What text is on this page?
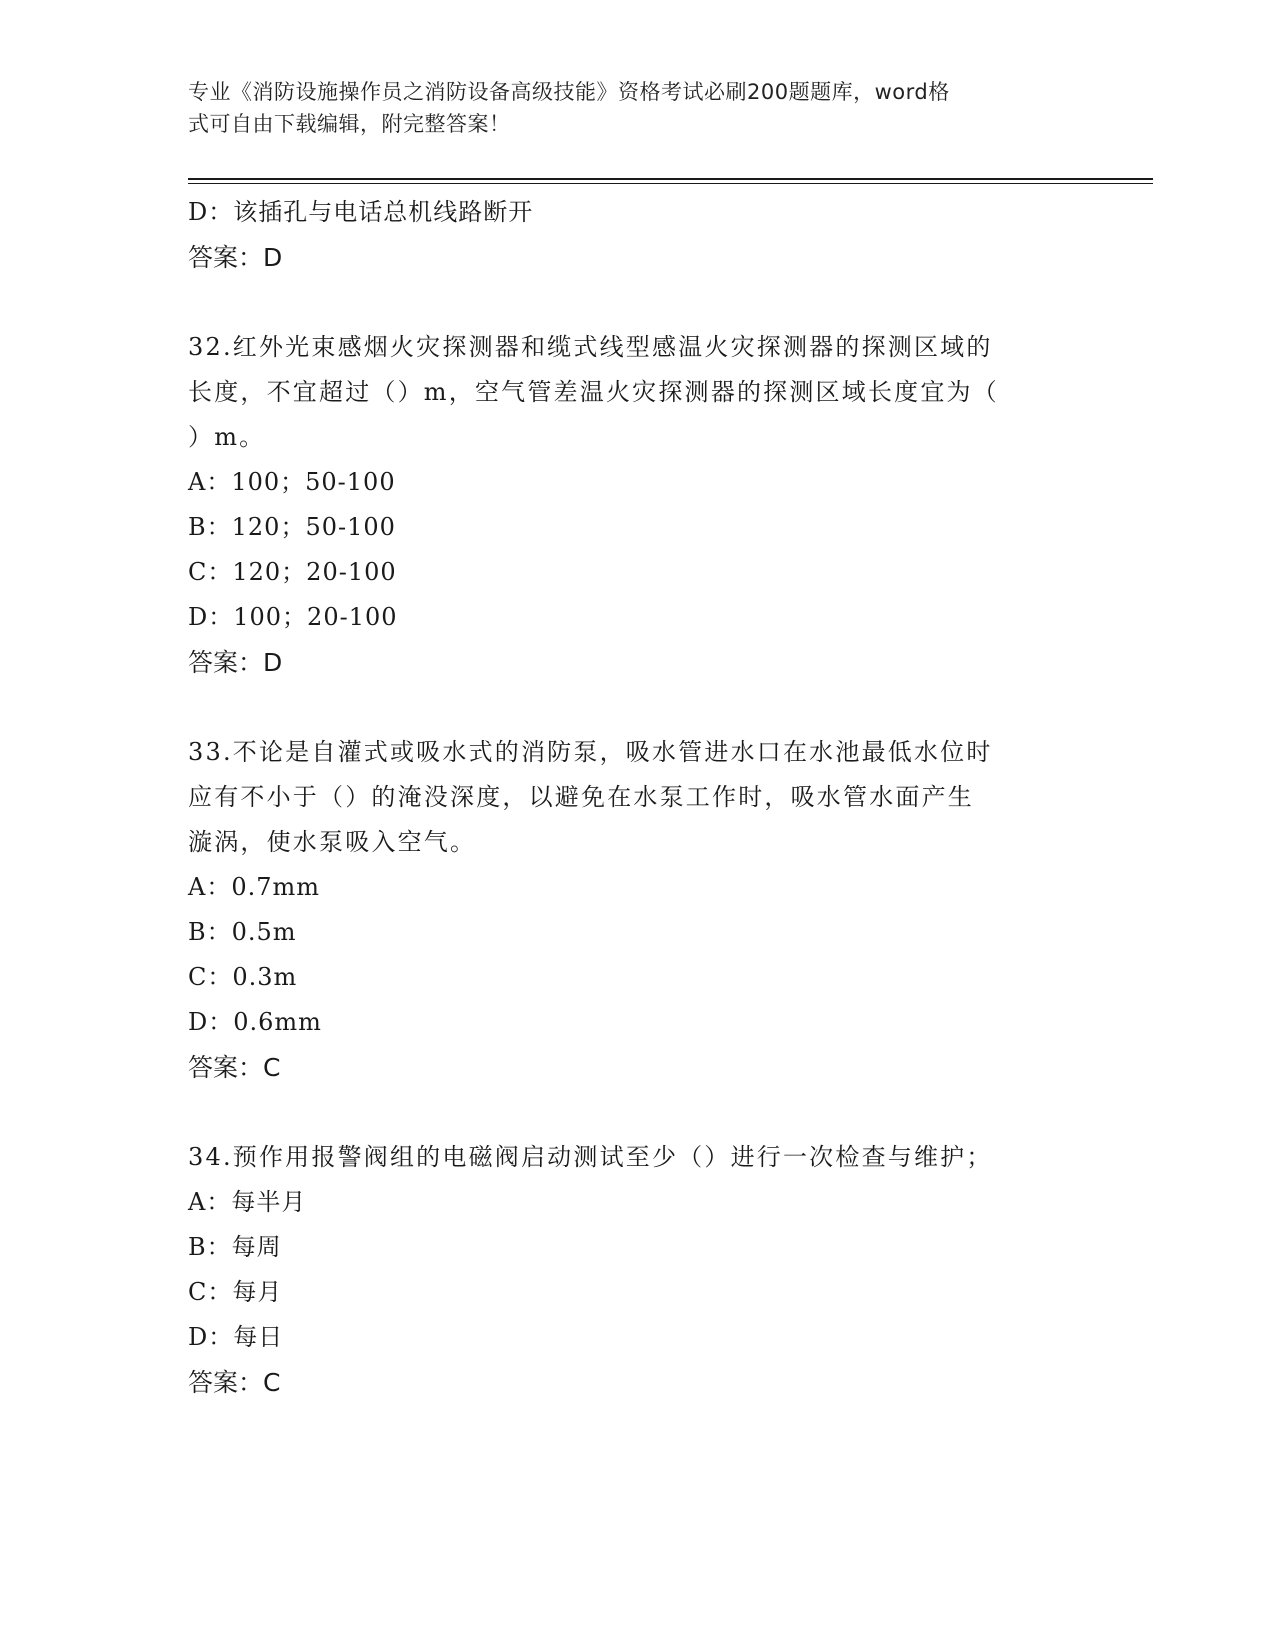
专业《消防设施操作员之消防设备高级技能》资格考试必刷200题题库，word格
式可自由下载编辑，附完整答案！
D：该插孔与电话总机线路断开
答案：D
32.红外光束感烟火灾探测器和缆式线型感温火灾探测器的探测区域的
长度，不宜超过（）m，空气管差温火灾探测器的探测区域长度宜为（
）m。
A：100；50-100
B：120；50-100
C：120；20-100
D：100；20-100
答案：D
33.不论是自灌式或吸水式的消防泵，吸水管进水口在水池最低水位时
应有不小于（）的淹没深度，以避免在水泵工作时，吸水管水面产生
漩涡，使水泵吸入空气。
A：0.7mm
B：0.5m
C：0.3m
D：0.6mm
答案：C
34.预作用报警阀组的电磁阀启动测试至少（）进行一次检查与维护；
A：每半月
B：每周
C：每月
D：每日
答案：C
